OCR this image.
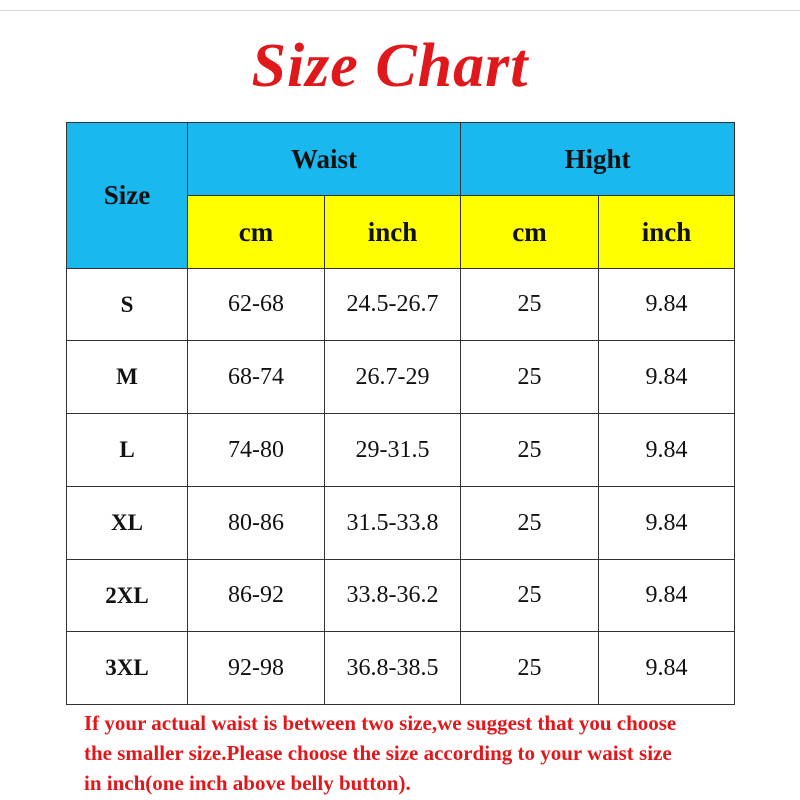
Size Chart
Size	Waist		Hight	
	cm	inch	cm	inch
S	62-68	24.5-26.7	25	9.84
M	68-74	26.7-29	25	9.84
L	74-80	29-31.5	25	9.84
XL	80-86	31.5-33.8	25	9.84
2XL	86-92	33.8-36.2	25	9.84
3XL	92-98	36.8-38.5	25	9.84
If your actual waist is between two size,we suggest that you choose
the smaller size.Please choose the size according to your waist size
in inch(one inch above belly button).
